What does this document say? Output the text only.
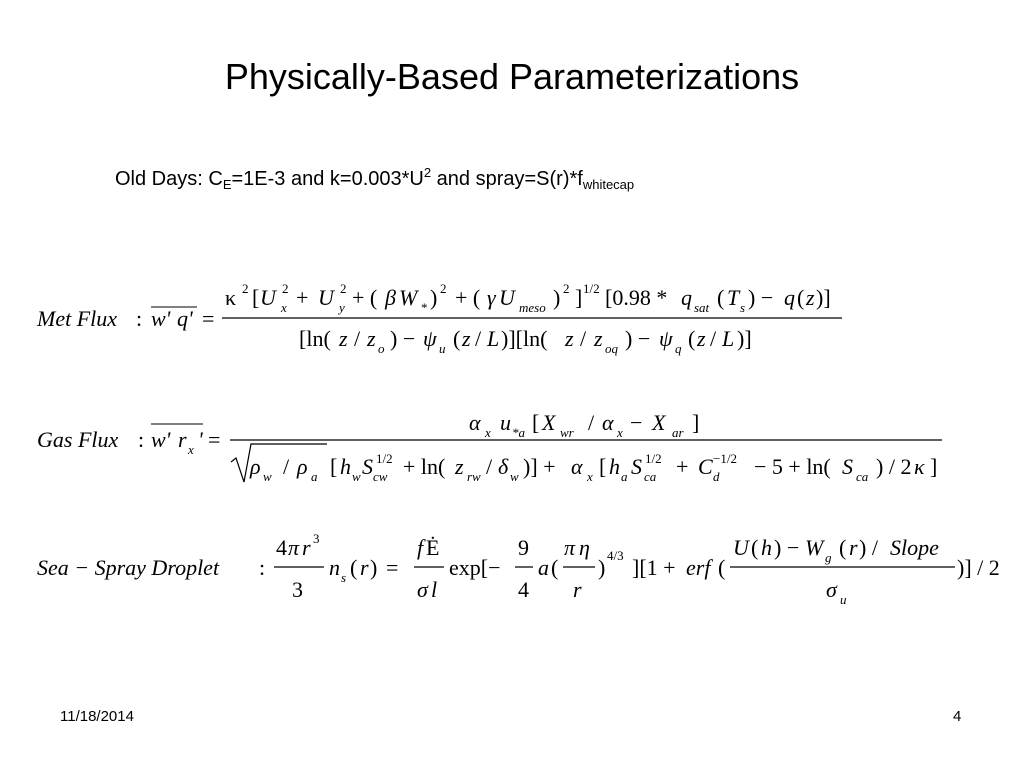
Physically-Based Parameterizations
Old Days: $C_E=1E-3$ and $k=0.003*U^2$ and $spray=S(r)*f_{whitecap}$
Met Flux : w' q' =
κ 2 [ U 2
x + U 2
y + ( β W * ) 2 + ( γ U meso ) 2 ] 1/2 [0.98 * q sat ( T s ) − q ( z )]
[ln( z / z o ) − ψ u ( z / L )][ln( z / z oq ) − ψ q ( z / L )]
Gas Flux : w' r x ' =
α x u *a [ X wr / α x − X ar ]
ρ w / ρ a [ h w S 1/2
cw + ln( z rw / δ w )] + α x [ h a S 1/2
ca + C −1/2
d − 5 + ln( S ca ) / 2 κ ]
Sea − Spray Droplet :
4 π r 3
3
n s ( r ) =
f Ė
σ l
exp[−
9
4
a (
π η
r
) 4/3 ][1 + erf (
U ( h ) − W g ( r ) / Slope
σ u
)] / 2
11/18/2014	4
